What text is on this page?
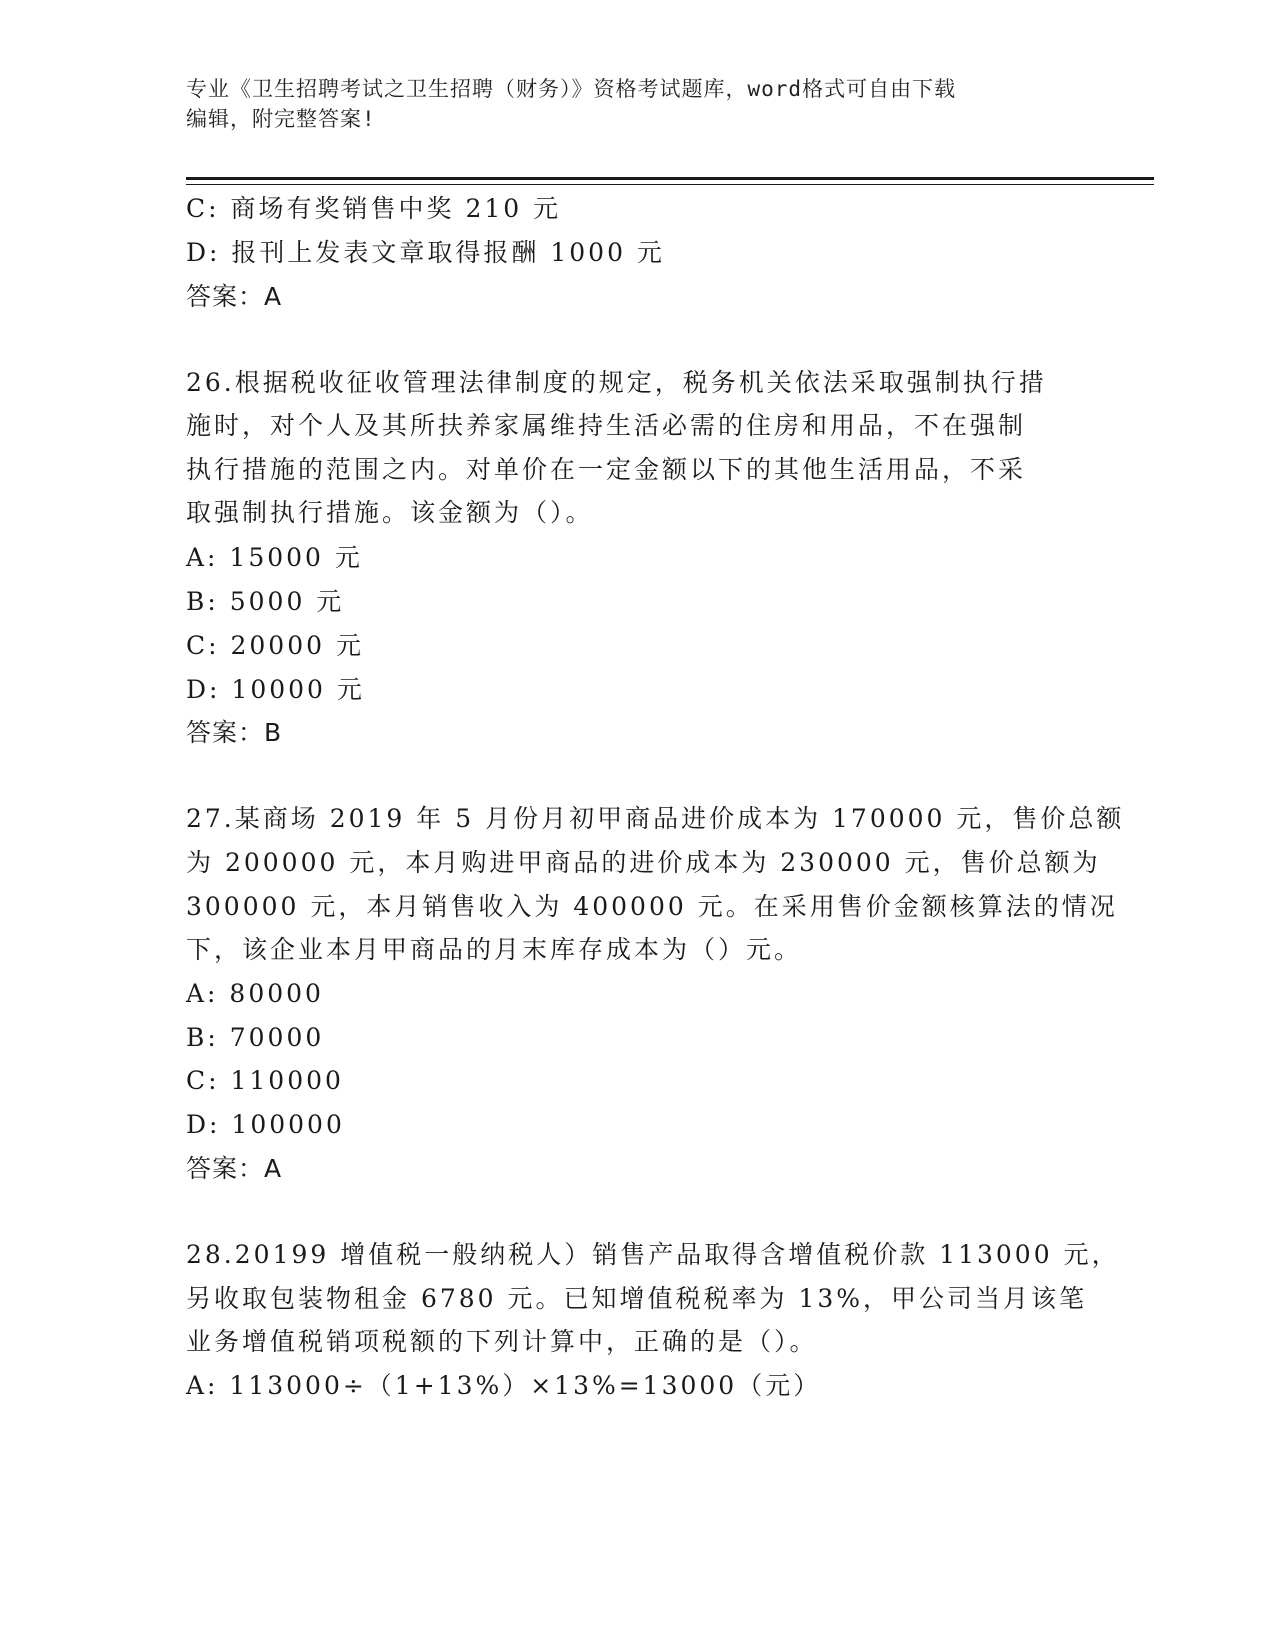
专业《卫生招聘考试之卫生招聘（财务）》资格考试题库，word格式可自由下载
编辑，附完整答案!
C: 商场有奖销售中奖 210 元
D: 报刊上发表文章取得报酬 1000 元
答案：A
26.根据税收征收管理法律制度的规定，税务机关依法采取强制执行措
施时，对个人及其所扶养家属维持生活必需的住房和用品，不在强制
执行措施的范围之内。对单价在一定金额以下的其他生活用品，不采
取强制执行措施。该金额为（）。
A: 15000 元
B: 5000 元
C: 20000 元
D: 10000 元
答案：B
27.某商场 2019 年 5 月份月初甲商品进价成本为 170000 元，售价总额
为 200000 元，本月购进甲商品的进价成本为 230000 元，售价总额为
300000 元，本月销售收入为 400000 元。在采用售价金额核算法的情况
下，该企业本月甲商品的月末库存成本为（）元。
A: 80000
B: 70000
C: 110000
D: 100000
答案：A
28.20199 增值税一般纳税人）销售产品取得含增值税价款 113000 元，
另收取包装物租金 6780 元。已知增值税税率为 13%，甲公司当月该笔
业务增值税销项税额的下列计算中，正确的是（）。
A: 113000÷（1+13%）×13%=13000（元）
